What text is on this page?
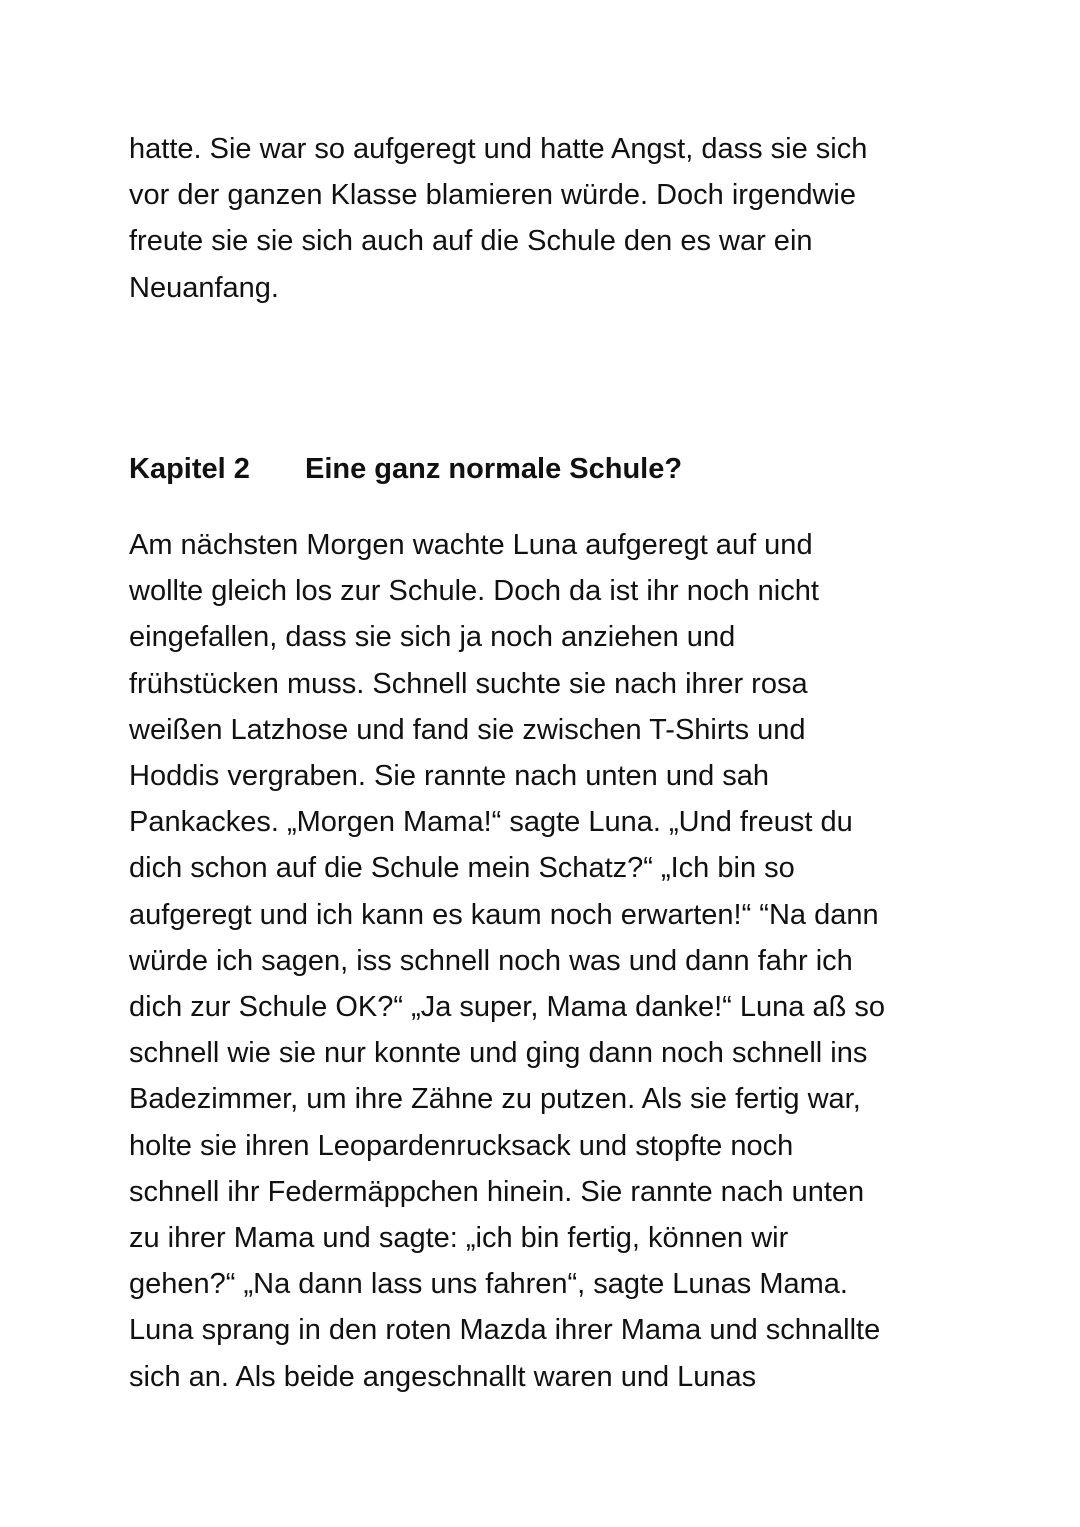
hatte. Sie war so aufgeregt und hatte Angst, dass sie sich
vor der ganzen Klasse blamieren würde. Doch irgendwie
freute sie sie sich auch auf die Schule den es war ein
Neuanfang.

Kapitel 2 Eine ganz normale Schule?

Am nächsten Morgen wachte Luna aufgeregt auf und
wollte gleich los zur Schule. Doch da ist ihr noch nicht
eingefallen, dass sie sich ja noch anziehen und
frühstücken muss. Schnell suchte sie nach ihrer rosa
weißen Latzhose und fand sie zwischen T-Shirts und
Hoddis vergraben. Sie rannte nach unten und sah
Pankackes. „Morgen Mama!“ sagte Luna. „Und freust du
dich schon auf die Schule mein Schatz?“ „Ich bin so
aufgeregt und ich kann es kaum noch erwarten!“ “Na dann
würde ich sagen, iss schnell noch was und dann fahr ich
dich zur Schule OK?“ „Ja super, Mama danke!“ Luna aß so
schnell wie sie nur konnte und ging dann noch schnell ins
Badezimmer, um ihre Zähne zu putzen. Als sie fertig war,
holte sie ihren Leopardenrucksack und stopfte noch
schnell ihr Federmäppchen hinein. Sie rannte nach unten
zu ihrer Mama und sagte: „ich bin fertig, können wir
gehen?“ „Na dann lass uns fahren“, sagte Lunas Mama.
Luna sprang in den roten Mazda ihrer Mama und schnallte
sich an. Als beide angeschnallt waren und Lunas
